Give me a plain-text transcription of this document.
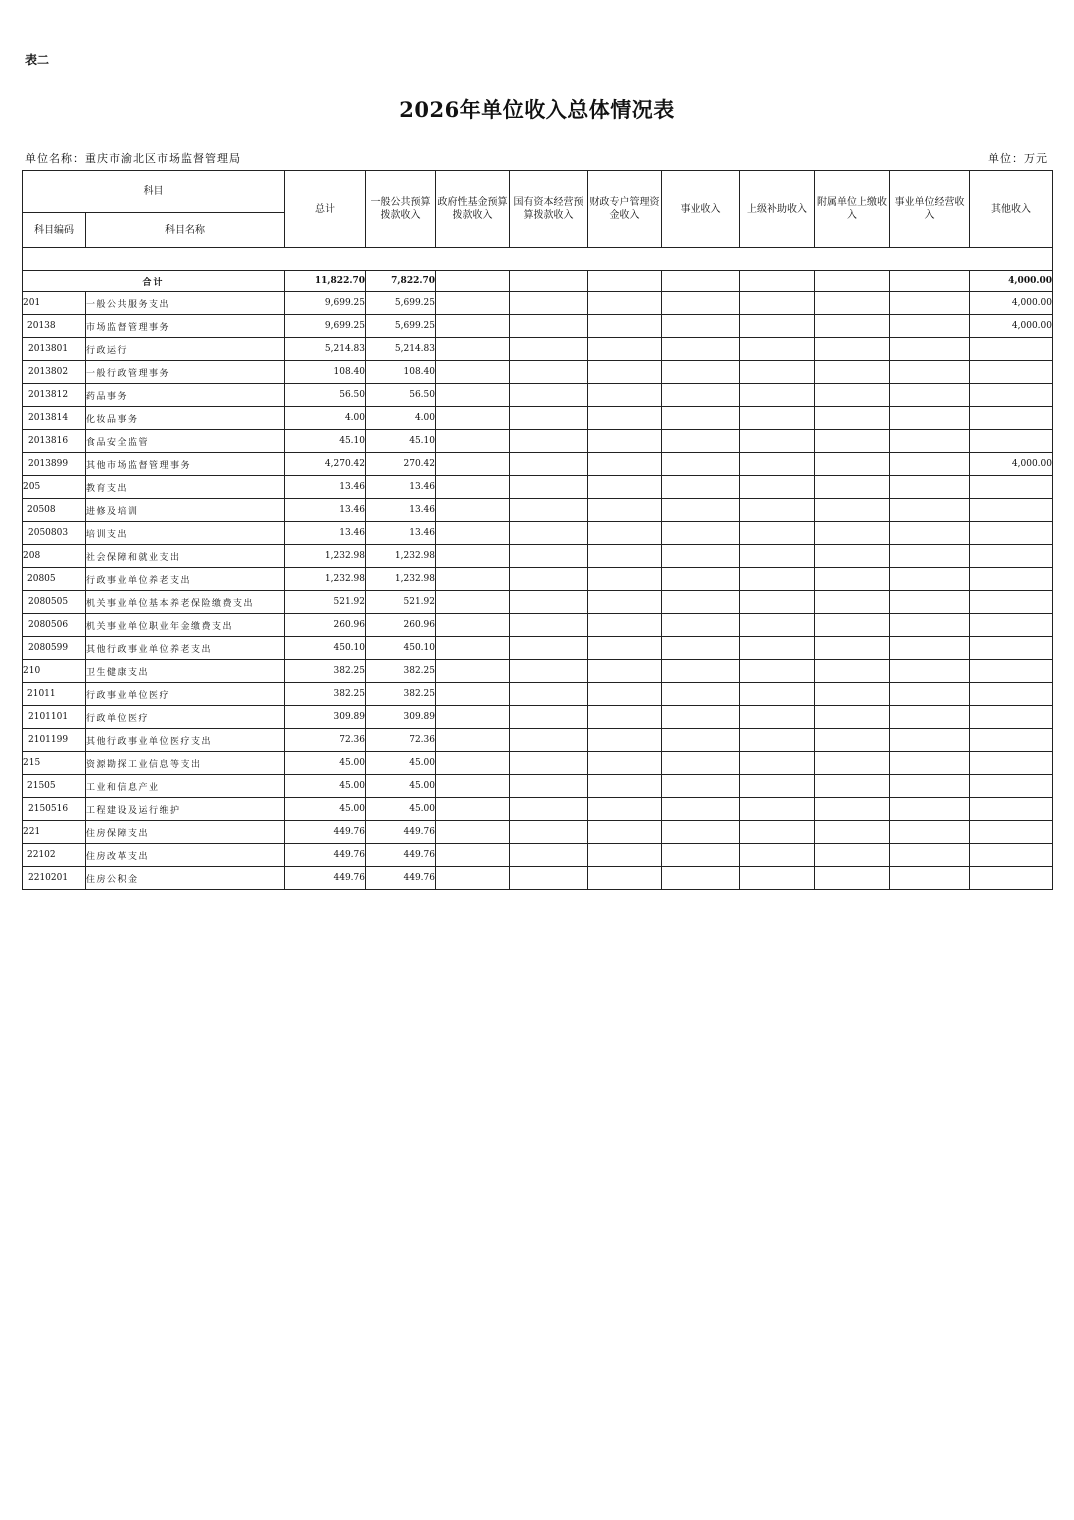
表二
2026年单位收入总体情况表
单位名称：重庆市渝北区市场监督管理局	单位：万元
科目		总计	一般公共预算拨款收入	政府性基金预算拨款收入	国有资本经营预算拨款收入	财政专户管理资金收入	事业收入	上级补助收入	附属单位上缴收入	事业单位经营收入	其他收入
科目编码	科目名称										

合计		11,822.70	7,822.70								4,000.00
201	一般公共服务支出	9,699.25	5,699.25								4,000.00
20138	市场监督管理事务	9,699.25	5,699.25								4,000.00
2013801	行政运行	5,214.83	5,214.83								
2013802	一般行政管理事务	108.40	108.40								
2013812	药品事务	56.50	56.50								
2013814	化妆品事务	4.00	4.00								
2013816	食品安全监管	45.10	45.10								
2013899	其他市场监督管理事务	4,270.42	270.42								4,000.00
205	教育支出	13.46	13.46								
20508	进修及培训	13.46	13.46								
2050803	培训支出	13.46	13.46								
208	社会保障和就业支出	1,232.98	1,232.98								
20805	行政事业单位养老支出	1,232.98	1,232.98								
2080505	机关事业单位基本养老保险缴费支出	521.92	521.92								
2080506	机关事业单位职业年金缴费支出	260.96	260.96								
2080599	其他行政事业单位养老支出	450.10	450.10								
210	卫生健康支出	382.25	382.25								
21011	行政事业单位医疗	382.25	382.25								
2101101	行政单位医疗	309.89	309.89								
2101199	其他行政事业单位医疗支出	72.36	72.36								
215	资源勘探工业信息等支出	45.00	45.00								
21505	工业和信息产业	45.00	45.00								
2150516	工程建设及运行维护	45.00	45.00								
221	住房保障支出	449.76	449.76								
22102	住房改革支出	449.76	449.76								
2210201	住房公积金	449.76	449.76								
